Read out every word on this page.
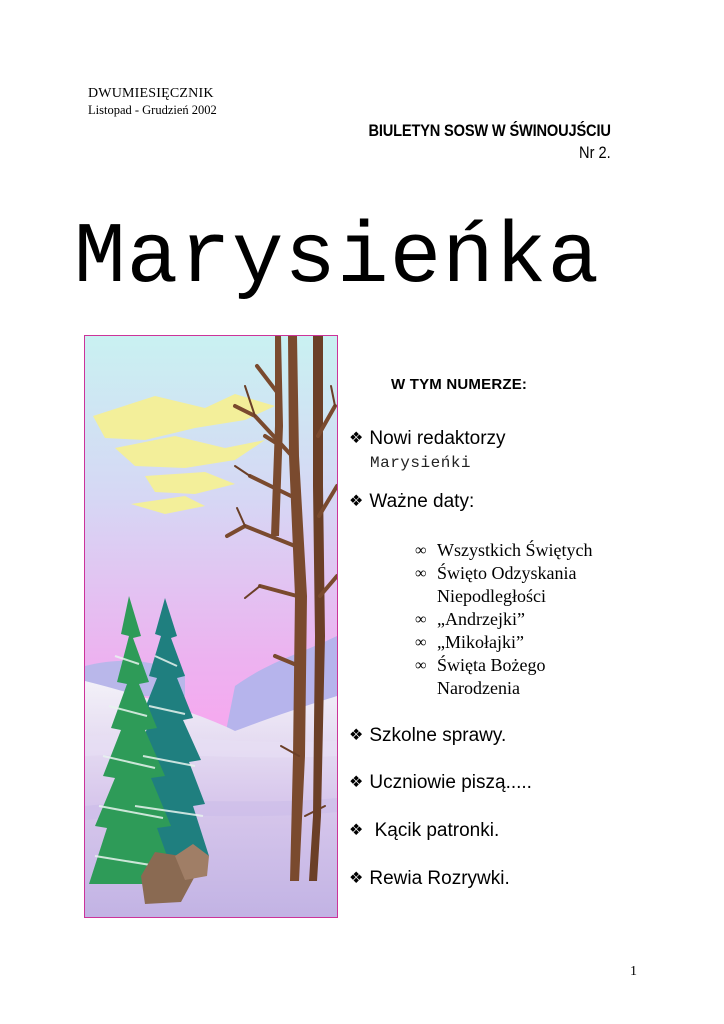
DWUMIESIĘCZNIK
Listopad - Grudzień 2002
BIULETYN SOSW W ŚWINOUJŚCIU
Nr 2.
Marysieńka
W TYM NUMERZE:
❖ Nowi redaktorzy
Marysieńki
❖ Ważne daty:
∞ Wszystkich Świętych
∞ Święto Odzyskania
Niepodległości
∞ „Andrzejki”
∞ „Mikołajki”
∞ Święta Bożego
Narodzenia
❖ Szkolne sprawy.
❖ Uczniowie piszą.....
❖ Kącik patronki.
❖ Rewia Rozrywki.
1
